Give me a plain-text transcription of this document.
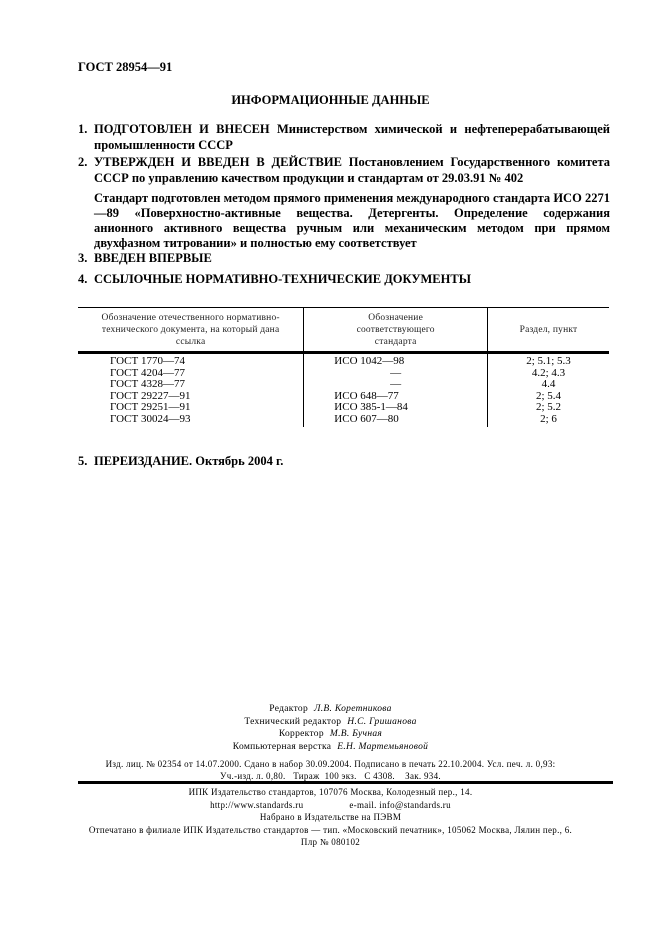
ГОСТ 28954—91
ИНФОРМАЦИОННЫЕ ДАННЫЕ
1. ПОДГОТОВЛЕН И ВНЕСЕН Министерством химической и нефтеперерабатывающей промышленности СССР
2. УТВЕРЖДЕН И ВВЕДЕН В ДЕЙСТВИЕ Постановлением Государственного комитета СССР по управлению качеством продукции и стандартам от 29.03.91 № 402
Стандарт подготовлен методом прямого применения международного стандарта ИСО 2271—89 «Поверхностно-активные вещества. Детергенты. Определение содержания анионного активного вещества ручным или механическим методом при прямом двухфазном титровании» и полностью ему соответствует
3. ВВЕДЕН ВПЕРВЫЕ
4. ССЫЛОЧНЫЕ НОРМАТИВНО-ТЕХНИЧЕСКИЕ ДОКУМЕНТЫ
Обозначение отечественного нормативно-технического документа, на который дана ссылка	Обозначение соответствующего стандарта	Раздел, пункт
ГОСТ 1770—74	ИСО 1042—98	2; 5.1; 5.3
ГОСТ 4204—77	—	4.2; 4.3
ГОСТ 4328—77	—	4.4
ГОСТ 29227—91	ИСО 648—77	2; 5.4
ГОСТ 29251—91	ИСО 385-1—84	2; 5.2
ГОСТ 30024—93	ИСО 607—80	2; 6
5. ПЕРЕИЗДАНИЕ. Октябрь 2004 г.
Редактор Л.В. Коретникова
Технический редактор Н.С. Гришанова
Корректор М.В. Бучная
Компьютерная верстка Е.Н. Мартемьяновой
Изд. лиц. № 02354 от 14.07.2000. Сдано в набор 30.09.2004. Подписано в печать 22.10.2004. Усл. печ. л. 0,93:
Уч.-изд. л. 0,80.   Тираж  100 экз.   С 4308.    Зак. 934.
ИПК Издательство стандартов, 107076 Москва, Колодезный пер., 14.
http://www.standards.ru	e-mail. info@standards.ru
Набрано в Издательстве на ПЭВМ
Отпечатано в филиале ИПК Издательство стандартов — тип. «Московский печатник», 105062 Москва, Лялин пер., 6.
Плр № 080102
